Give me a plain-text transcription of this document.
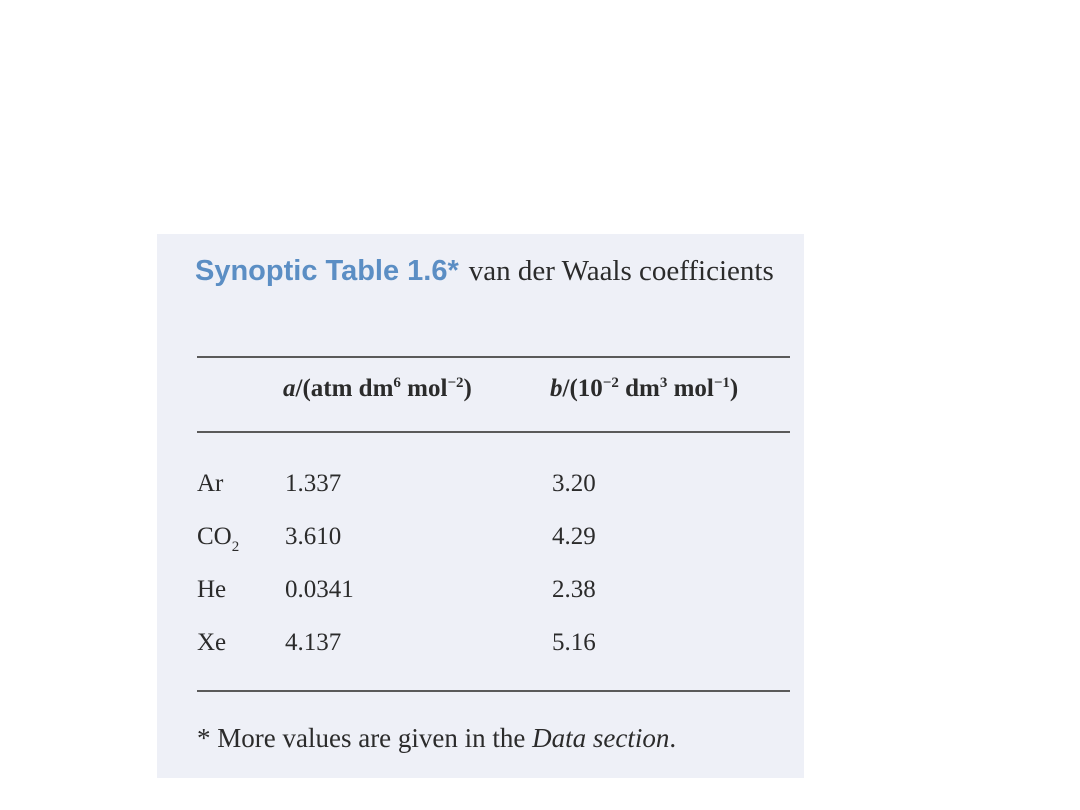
Synoptic Table 1.6* van der Waals coefficients
a/(atm $dm^6$ mol$^{-2}$)	$b/(10^{-2}$ $dm^3$ mol$^{-1}$)
Ar 1.337	3.20
$CO_2$ 3.610	4.29
He 0.0341	2.38
Xe 4.137	5.16
* More values are given in the Data section.
